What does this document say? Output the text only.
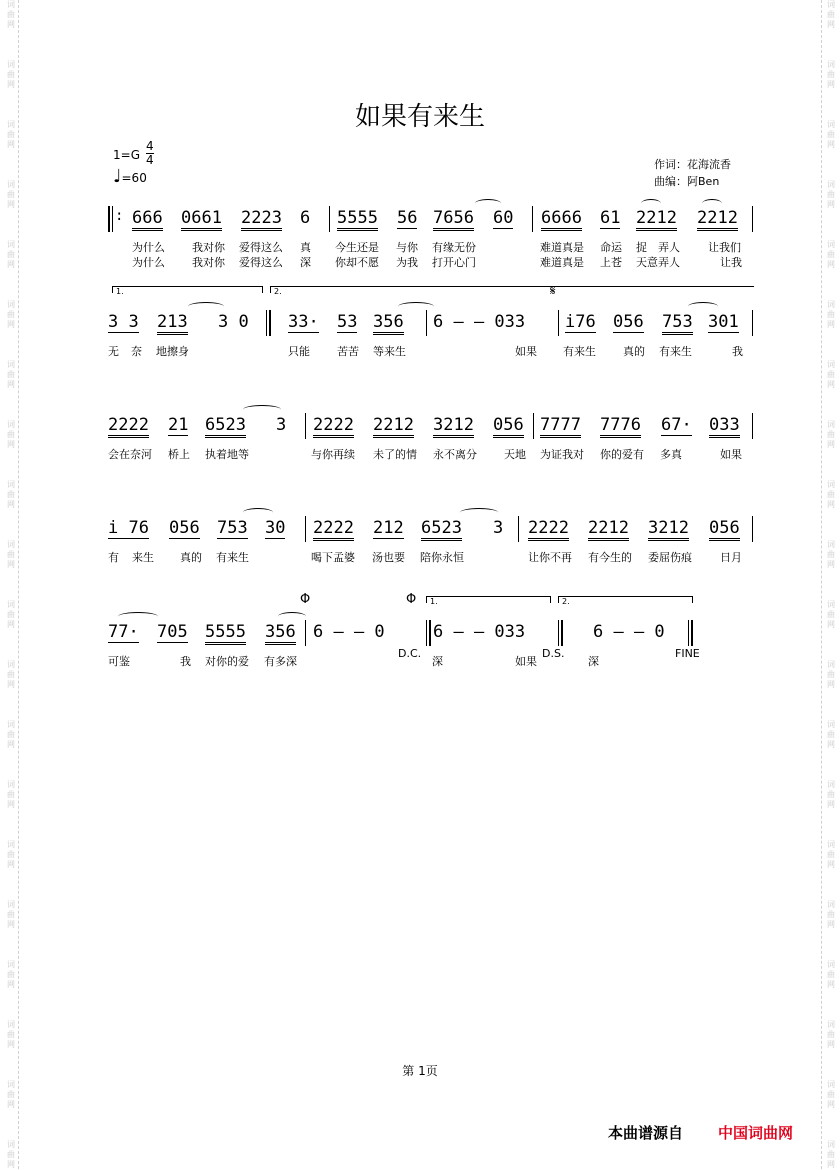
词曲网
词曲网
词曲网
词曲网
词曲网
词曲网
词曲网
词曲网
词曲网
词曲网
词曲网
词曲网
词曲网
词曲网
词曲网
词曲网
词曲网
词曲网
词曲网
词曲网
词曲网
词曲网
词曲网
词曲网
词曲网
词曲网
词曲网
词曲网
词曲网
词曲网
词曲网
词曲网
词曲网
词曲网
词曲网
词曲网
词曲网
词曲网
词曲网
词曲网
如果有来生
1=G
4
4
♩=60
作词：花海流香
曲编：阿Ben
: 666 0661 2223 6 5555 56 7656 60 6666 61 2212 2212
为什么 我对你 爱得这么 真 今生还是 与你 有缘无份	难道真是 命运 捉 弄人	让我们
为什么 我对你 爱得这么 深 你却不愿 为我 打开心门	难道真是 上苍 天意弄人	让我
1.	2.	𝄋
3 3 213 3 0 33· 53 356 6 – – 033 i76 056 753 301
无 奈 地擦身	只能 苦苦 等来生	如果 有来生 真的 有来生	我
2222 21 6523 3 2222 2212 3212 056 7777 7776 67· 033
会在奈河 桥上 执着地等	与你再续 未了的情 永不离分 天地 为证我对 你的爱有 多真	如果
i 76 056 753 30 2222 212 6523 3 2222 2212 3212 056
有 来生 真的 有来生	喝下孟婆 汤也要 陪你永恒	让你不再 有今生的 委屈伤痕	日月
Φ	Φ	1.	2.
77· 705 5555 356 6 – – 0	6 – – 033	6 – – 0
可鉴	我 对你的爱 有多深
D.C.
深	如果
D.S.
深
FINE
第 1页
本曲谱源自 中国词曲网
